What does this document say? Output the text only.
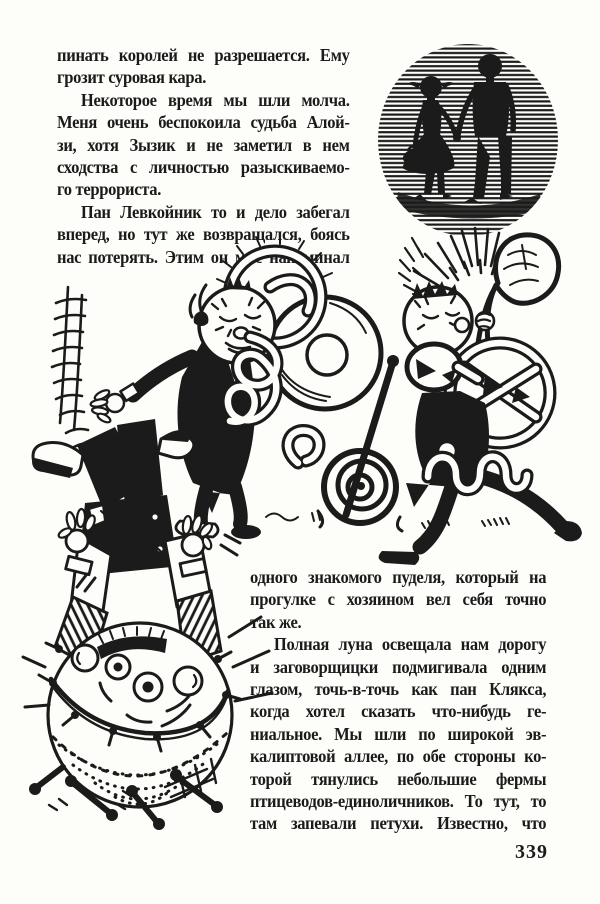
пинать королей не разрешается. Ему
грозит суровая кара.
Некоторое время мы шли молча.
Меня очень беспокоила судьба Алой-
зи, хотя Зызик и не заметил в нем
сходства с личностью разыскиваемо-
го террориста.
Пан Левкойник то и дело забегал
вперед, но тут же возвращался, боясь
нас потерять. Этим он мне напоминал
одного знакомого пуделя, который на
прогулке с хозяином вел себя точно
так же.
Полная луна освещала нам дорогу
и заговорщицки подмигивала одним
глазом, точь-в-точь как пан Клякса,
когда хотел сказать что-нибудь ге-
ниальное. Мы шли по широкой эв-
калиптовой аллее, по обе стороны ко-
торой тянулись небольшие фермы
птицеводов-единоличников. То тут, то
там запевали петухи. Известно, что
339
